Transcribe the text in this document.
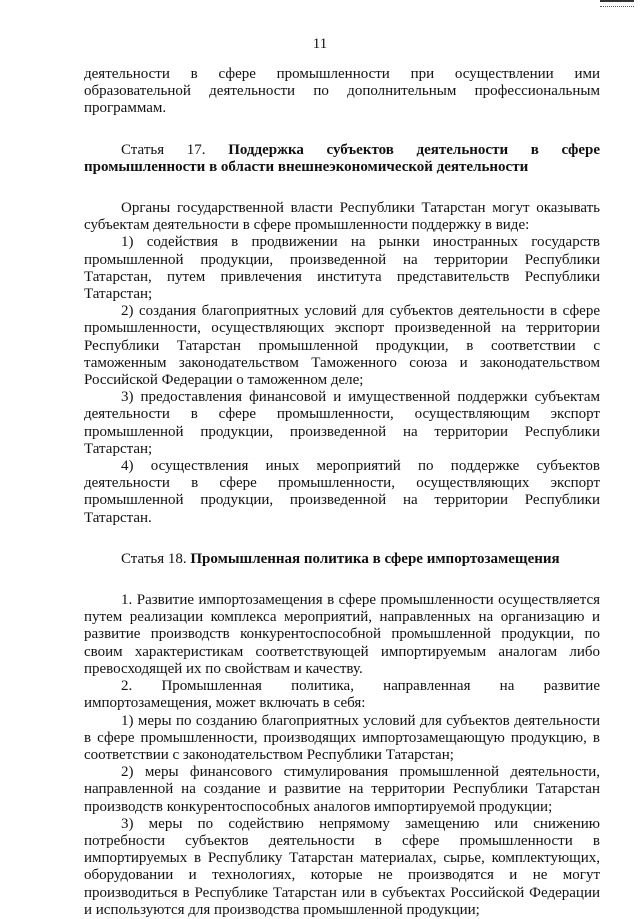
11

деятельности в сфере промышленности при осуществлении ими образовательной деятельности по дополнительным профессиональным программам.

Статья 17. Поддержка субъектов деятельности в сфере промышленности в области внешнеэкономической деятельности

Органы государственной власти Республики Татарстан могут оказывать субъектам деятельности в сфере промышленности поддержку в виде:

1) содействия в продвижении на рынки иностранных государств промышленной продукции, произведенной на территории Республики Татарстан, путем привлечения института представительств Республики Татарстан;

2) создания благоприятных условий для субъектов деятельности в сфере промышленности, осуществляющих экспорт произведенной на территории Республики Татарстан промышленной продукции, в соответствии с таможенным законодательством Таможенного союза и законодательством Российской Федерации о таможенном деле;

3) предоставления финансовой и имущественной поддержки субъектам деятельности в сфере промышленности, осуществляющим экспорт промышленной продукции, произведенной на территории Республики Татарстан;

4) осуществления иных мероприятий по поддержке субъектов деятельности в сфере промышленности, осуществляющих экспорт промышленной продукции, произведенной на территории Республики Татарстан.

Статья 18. Промышленная политика в сфере импортозамещения

1. Развитие импортозамещения в сфере промышленности осуществляется путем реализации комплекса мероприятий, направленных на организацию и развитие производств конкурентоспособной промышленной продукции, по своим характеристикам соответствующей импортируемым аналогам либо превосходящей их по свойствам и качеству.

2. Промышленная политика, направленная на развитие импортозамещения, может включать в себя:

1) меры по созданию благоприятных условий для субъектов деятельности в сфере промышленности, производящих импортозамещающую продукцию, в соответствии с законодательством Республики Татарстан;

2) меры финансового стимулирования промышленной деятельности, направленной на создание и развитие на территории Республики Татарстан производств конкурентоспособных аналогов импортируемой продукции;

3) меры по содействию непрямому замещению или снижению потребности субъектов деятельности в сфере промышленности в импортируемых в Республику Татарстан материалах, сырье, комплектующих, оборудовании и технологиях, которые не производятся и не могут производиться в Республике Татарстан или в субъектах Российской Федерации и используются для производства промышленной продукции;
